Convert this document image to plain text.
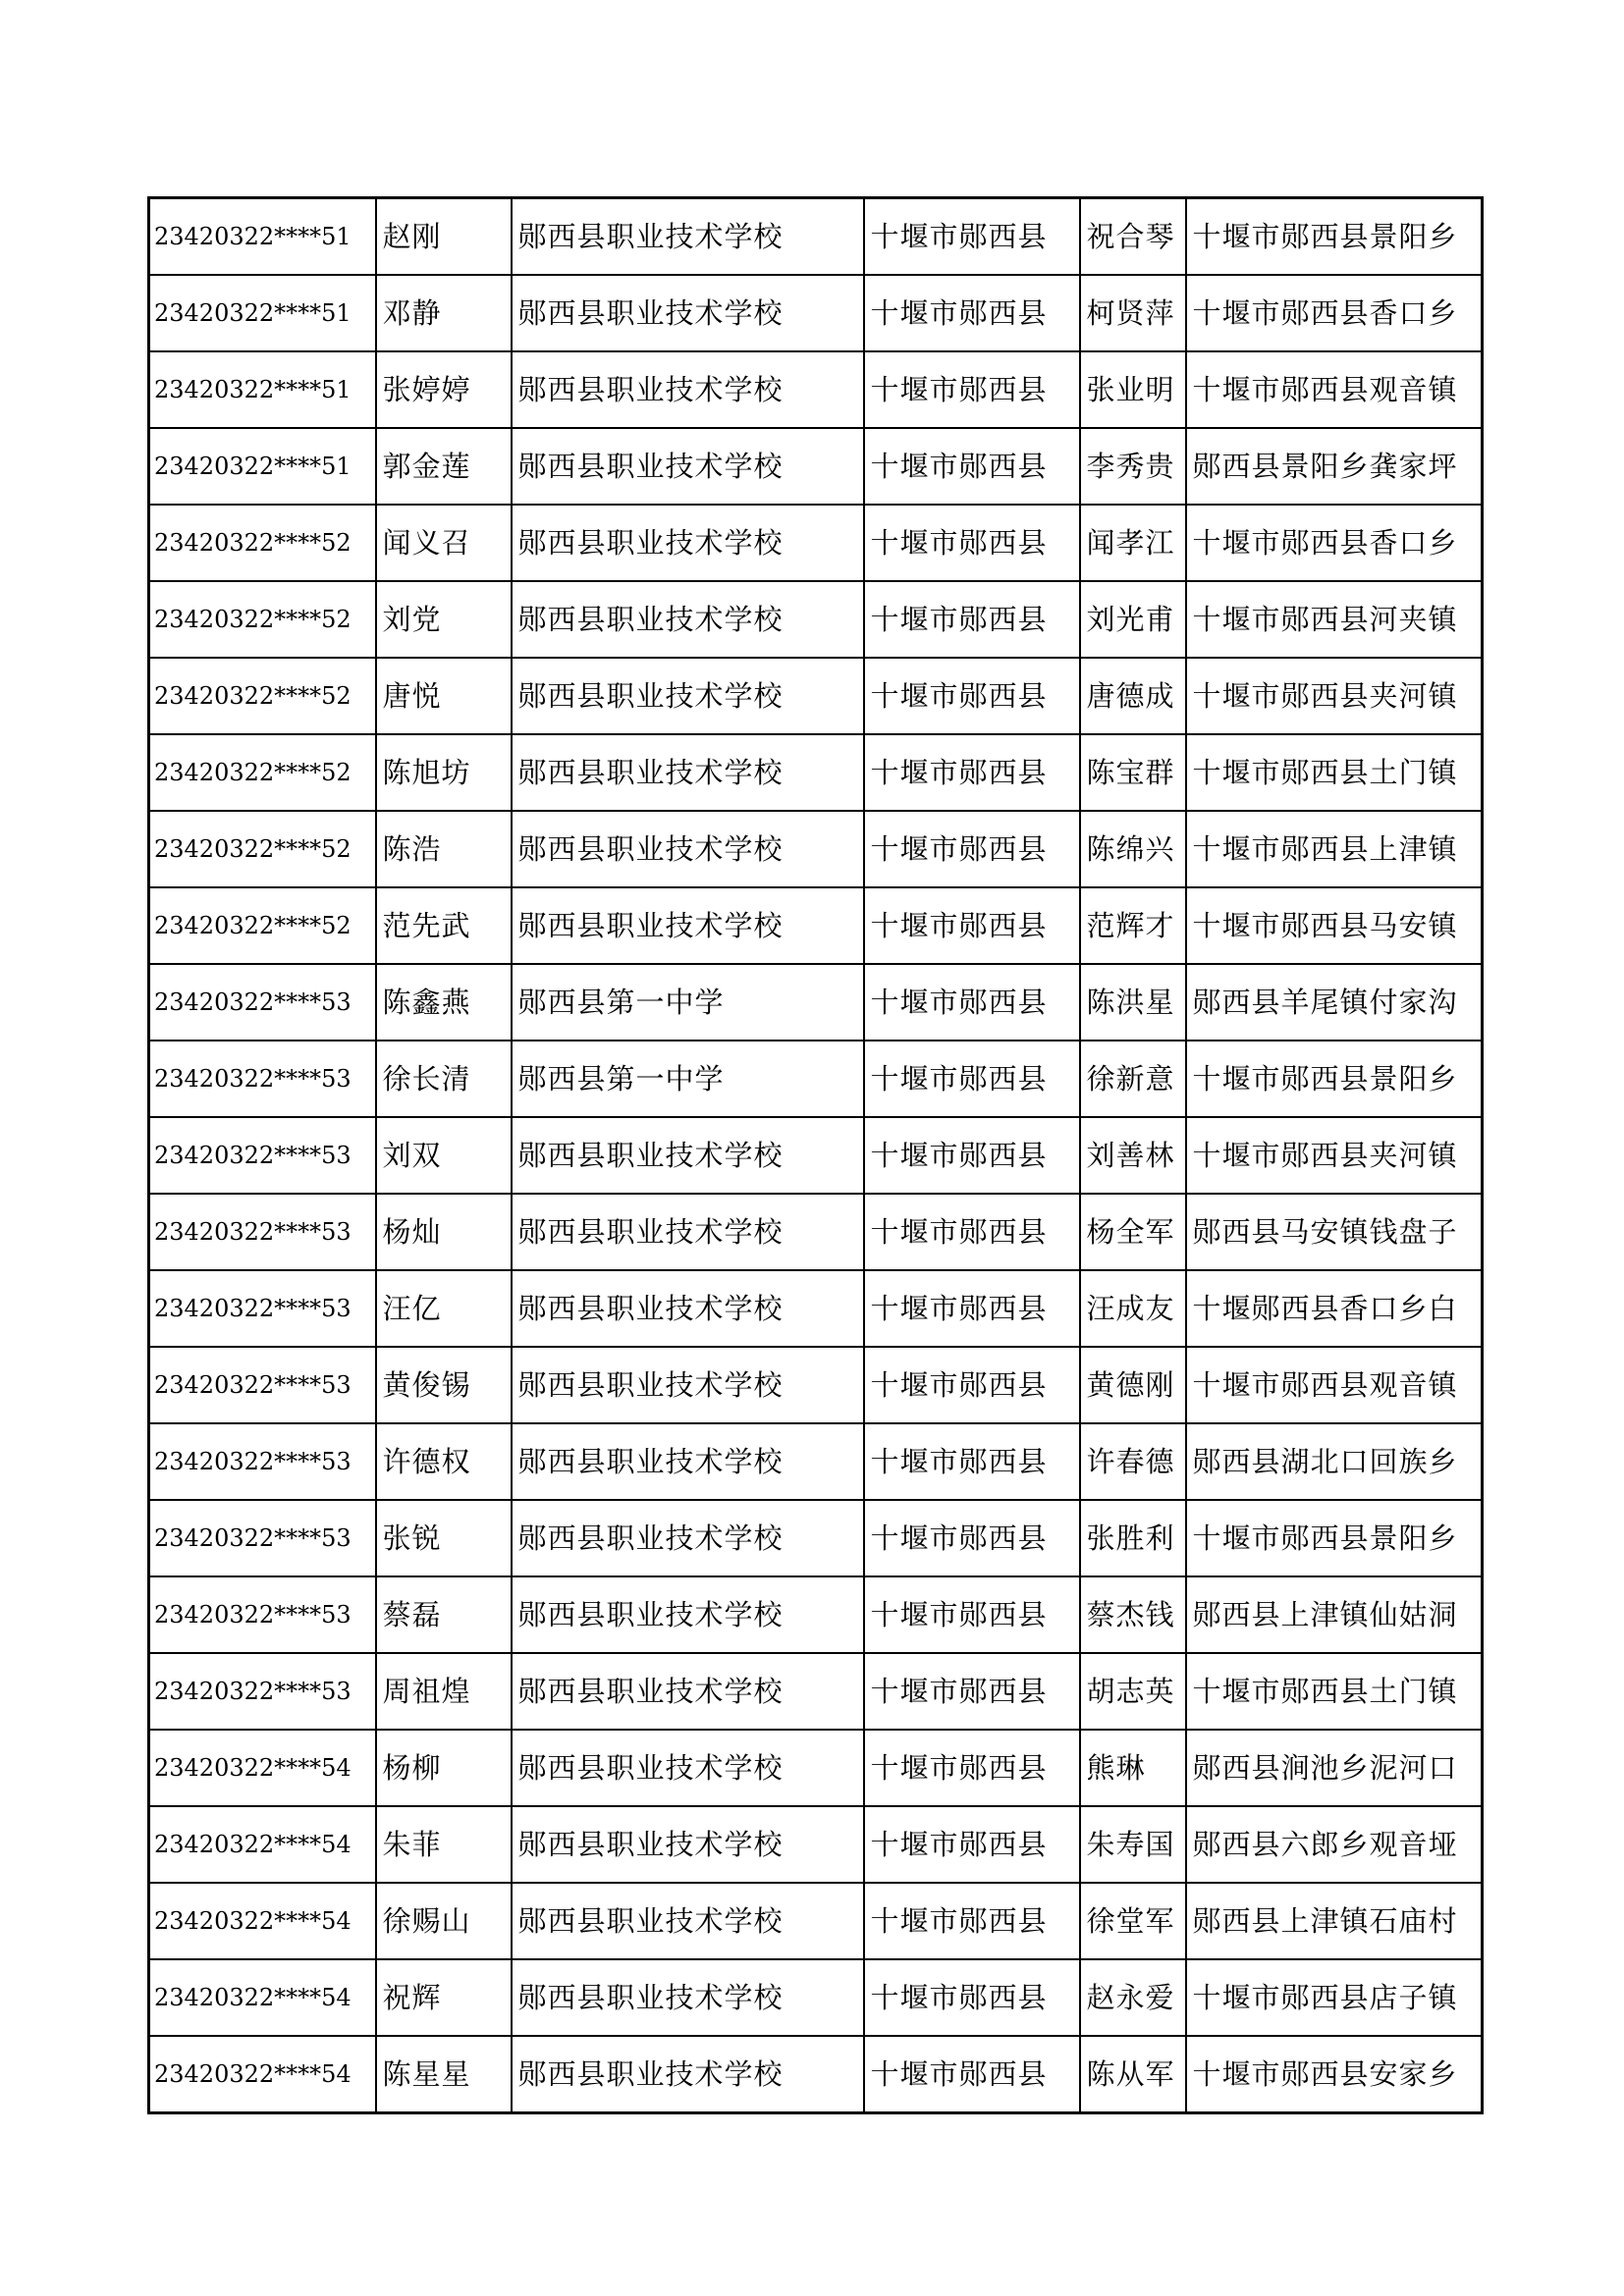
23420322****51	赵刚	郧西县职业技术学校	十堰市郧西县	祝合琴	十堰市郧西县景阳乡
23420322****51	邓静	郧西县职业技术学校	十堰市郧西县	柯贤萍	十堰市郧西县香口乡
23420322****51	张婷婷	郧西县职业技术学校	十堰市郧西县	张业明	十堰市郧西县观音镇
23420322****51	郭金莲	郧西县职业技术学校	十堰市郧西县	李秀贵	郧西县景阳乡龚家坪
23420322****52	闻义召	郧西县职业技术学校	十堰市郧西县	闻孝江	十堰市郧西县香口乡
23420322****52	刘党	郧西县职业技术学校	十堰市郧西县	刘光甫	十堰市郧西县河夹镇
23420322****52	唐悦	郧西县职业技术学校	十堰市郧西县	唐德成	十堰市郧西县夹河镇
23420322****52	陈旭坊	郧西县职业技术学校	十堰市郧西县	陈宝群	十堰市郧西县土门镇
23420322****52	陈浩	郧西县职业技术学校	十堰市郧西县	陈绵兴	十堰市郧西县上津镇
23420322****52	范先武	郧西县职业技术学校	十堰市郧西县	范辉才	十堰市郧西县马安镇
23420322****53	陈鑫燕	郧西县第一中学	十堰市郧西县	陈洪星	郧西县羊尾镇付家沟
23420322****53	徐长清	郧西县第一中学	十堰市郧西县	徐新意	十堰市郧西县景阳乡
23420322****53	刘双	郧西县职业技术学校	十堰市郧西县	刘善林	十堰市郧西县夹河镇
23420322****53	杨灿	郧西县职业技术学校	十堰市郧西县	杨全军	郧西县马安镇钱盘子
23420322****53	汪亿	郧西县职业技术学校	十堰市郧西县	汪成友	十堰郧西县香口乡白
23420322****53	黄俊锡	郧西县职业技术学校	十堰市郧西县	黄德刚	十堰市郧西县观音镇
23420322****53	许德权	郧西县职业技术学校	十堰市郧西县	许春德	郧西县湖北口回族乡
23420322****53	张锐	郧西县职业技术学校	十堰市郧西县	张胜利	十堰市郧西县景阳乡
23420322****53	蔡磊	郧西县职业技术学校	十堰市郧西县	蔡杰钱	郧西县上津镇仙姑洞
23420322****53	周祖煌	郧西县职业技术学校	十堰市郧西县	胡志英	十堰市郧西县土门镇
23420322****54	杨柳	郧西县职业技术学校	十堰市郧西县	熊琳	郧西县涧池乡泥河口
23420322****54	朱菲	郧西县职业技术学校	十堰市郧西县	朱寿国	郧西县六郎乡观音垭
23420322****54	徐赐山	郧西县职业技术学校	十堰市郧西县	徐堂军	郧西县上津镇石庙村
23420322****54	祝辉	郧西县职业技术学校	十堰市郧西县	赵永爱	十堰市郧西县店子镇
23420322****54	陈星星	郧西县职业技术学校	十堰市郧西县	陈从军	十堰市郧西县安家乡
